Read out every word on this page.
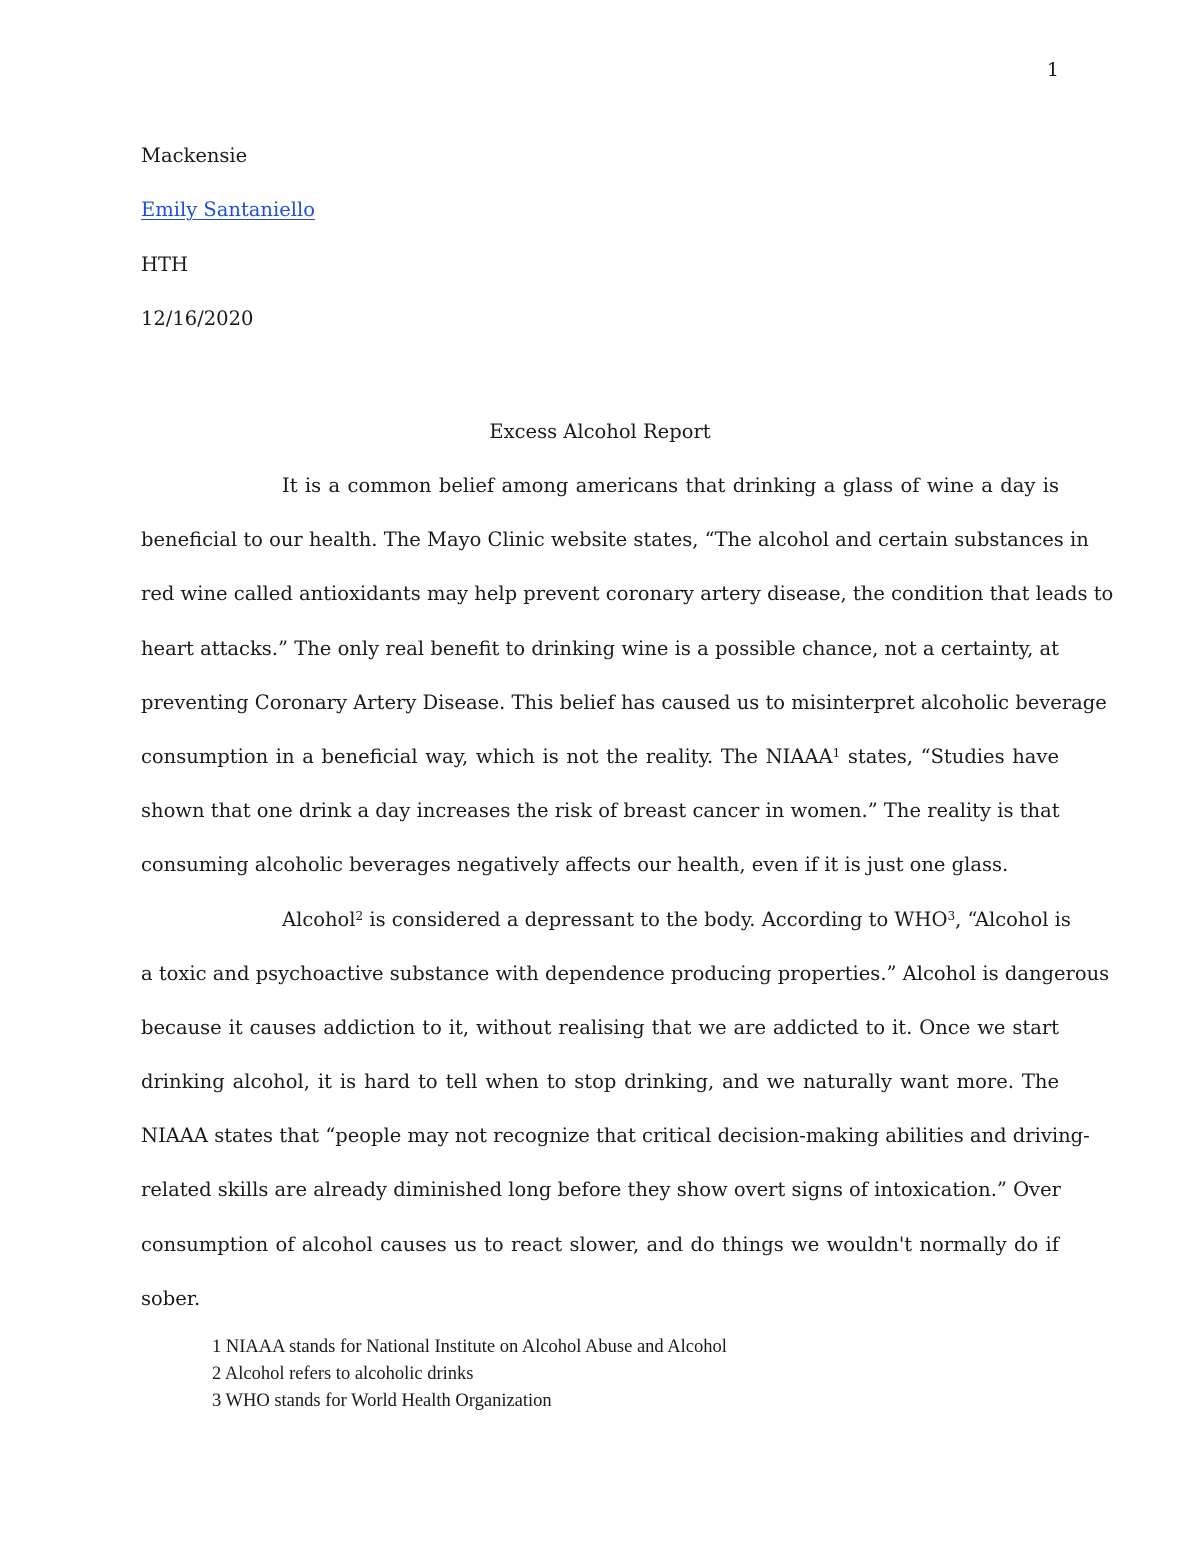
1
Mackensie
Emily Santaniello
HTH
12/16/2020
Excess Alcohol Report
It is a common belief among americans that drinking a glass of wine a day is
beneficial to our health. The Mayo Clinic website states, “The alcohol and certain substances in
red wine called antioxidants may help prevent coronary artery disease, the condition that leads to
heart attacks.” The only real benefit to drinking wine is a possible chance, not a certainty, at
preventing Coronary Artery Disease. This belief has caused us to misinterpret alcoholic beverage
consumption in a beneficial way, which is not the reality. The NIAAA$^1$ states, “Studies have
shown that one drink a day increases the risk of breast cancer in women.” The reality is that
consuming alcoholic beverages negatively affects our health, even if it is just one glass.
Alcohol$^2$ is considered a depressant to the body. According to WHO$^3$, “Alcohol is
a toxic and psychoactive substance with dependence producing properties.” Alcohol is dangerous
because it causes addiction to it, without realising that we are addicted to it. Once we start
drinking alcohol, it is hard to tell when to stop drinking, and we naturally want more. The
NIAAA states that “people may not recognize that critical decision-making abilities and driving-
related skills are already diminished long before they show overt signs of intoxication.” Over
consumption of alcohol causes us to react slower, and do things we wouldn't normally do if
sober.
1 NIAAA stands for National Institute on Alcohol Abuse and Alcohol
2 Alcohol refers to alcoholic drinks
3 WHO stands for World Health Organization
